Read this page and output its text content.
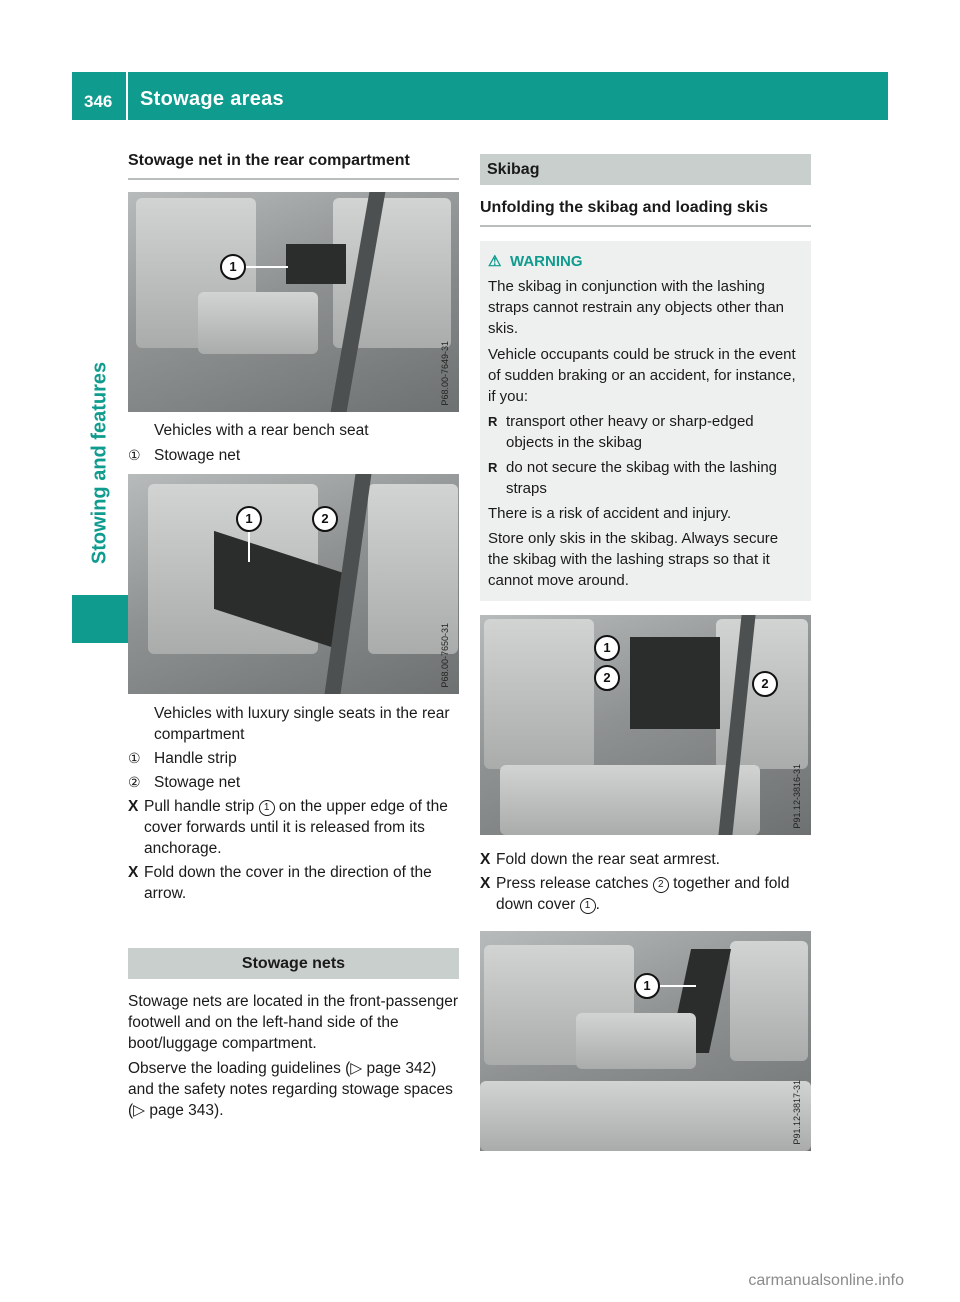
346 Stowage areas
Stowing and features
Stowage net in the rear compartment
1
P68.00-7649-31

Vehicles with a rear bench seat

① Stowage net
1	2
P68.00-7650-31

Vehicles with luxury single seats in the rear compartment

① Handle strip
② Stowage net
X Pull handle strip 1 on the upper edge of the cover forwards until it is released from its anchorage.
X Fold down the cover in the direction of the arrow.
Stowage nets

Stowage nets are located in the front-passenger footwell and on the left-hand side of the boot/luggage compartment.

Observe the loading guidelines (▷ page 342) and the safety notes regarding stowage spaces (▷ page 343).

Skibag
Unfolding the skibag and loading skis
⚠ WARNING

The skibag in conjunction with the lashing straps cannot restrain any objects other than skis.

Vehicle occupants could be struck in the event of sudden braking or an accident, for instance, if you:

R transport other heavy or sharp-edged objects in the skibag
R do not secure the skibag with the lashing straps

There is a risk of accident and injury.

Store only skis in the skibag. Always secure the skibag with the lashing straps so that it cannot move around.

1
2	2
P91.12-3816-31
X Fold down the rear seat armrest.
X Press release catches 2 together and fold down cover 1 .
1
P91.12-3817-31
carmanualsonline.info
